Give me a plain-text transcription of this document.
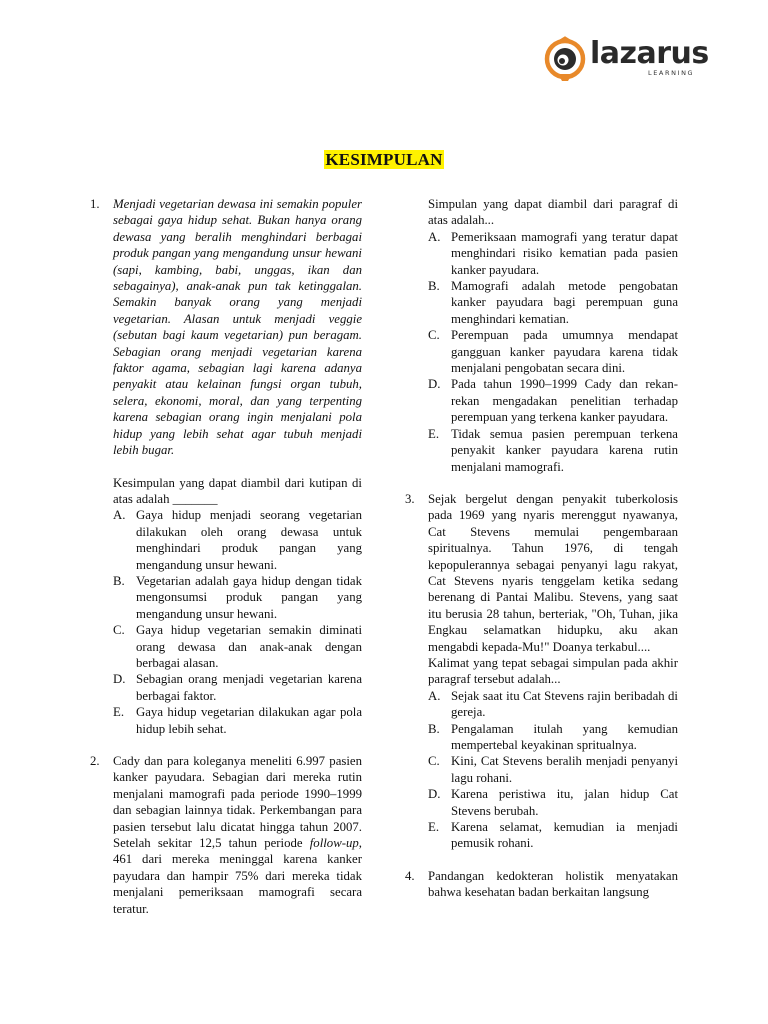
lazarus
LEARNING
KESIMPULAN
1.	Menjadi vegetarian dewasa ini semakin populer sebagai gaya hidup sehat. Bukan hanya orang dewasa yang beralih menghindari berbagai produk pangan yang mengandung unsur hewani (sapi, kambing, babi, unggas, ikan dan sebagainya), anak-anak pun tak ketinggalan. Semakin banyak orang yang menjadi vegetarian. Alasan untuk menjadi veggie (sebutan bagi kaum vegetarian) pun beragam. Sebagian orang menjadi vegetarian karena faktor agama, sebagian lagi karena adanya penyakit atau kelainan fungsi organ tubuh, selera, ekonomi, moral, dan yang terpenting karena sebagian orang ingin menjalani pola hidup yang lebih sehat agar tubuh menjadi lebih bugar.

Kesimpulan yang dapat diambil dari kutipan di atas adalah _______

A. Gaya hidup menjadi seorang vegetarian dilakukan oleh orang dewasa untuk menghindari produk pangan yang mengandung unsur hewani.
B. Vegetarian adalah gaya hidup dengan tidak mengonsumsi produk pangan yang mengandung unsur hewani.
C. Gaya hidup vegetarian semakin diminati orang dewasa dan anak-anak dengan berbagai alasan.
D. Sebagian orang menjadi vegetarian karena berbagai faktor.
E. Gaya hidup vegetarian dilakukan agar pola hidup lebih sehat.
2.	Cady dan para koleganya meneliti 6.997 pasien kanker payudara. Sebagian dari mereka rutin menjalani mamografi pada periode 1990–1999 dan sebagian lainnya tidak. Perkembangan para pasien tersebut lalu dicatat hingga tahun 2007. Setelah sekitar 12,5 tahun periode follow-up, 461 dari mereka meninggal karena kanker payudara dan hampir 75% dari mereka tidak menjalani pemeriksaan mamografi secara teratur.

Simpulan yang dapat diambil dari paragraf di atas adalah...

A. Pemeriksaan mamografi yang teratur dapat menghindari risiko kematian pada pasien kanker payudara.
B. Mamografi adalah metode pengobatan kanker payudara bagi perempuan guna menghindari kematian.
C. Perempuan pada umumnya mendapat gangguan kanker payudara karena tidak menjalani pengobatan secara dini.
D. Pada tahun 1990–1999 Cady dan rekan-rekan mengadakan penelitian terhadap perempuan yang terkena kanker payudara.
E. Tidak semua pasien perempuan terkena penyakit kanker payudara karena rutin menjalani mamografi.
3.	Sejak bergelut dengan penyakit tuberkolosis pada 1969 yang nyaris merenggut nyawanya, Cat Stevens memulai pengembaraan spiritualnya. Tahun 1976, di tengah kepopulerannya sebagai penyanyi lagu rakyat, Cat Stevens nyaris tenggelam ketika sedang berenang di Pantai Malibu. Stevens, yang saat itu berusia 28 tahun, berteriak, "Oh, Tuhan, jika Engkau selamatkan hidupku, aku akan mengabdi kepada-Mu!" Doanya terkabul....

Kalimat yang tepat sebagai simpulan pada akhir paragraf tersebut adalah...

A. Sejak saat itu Cat Stevens rajin beribadah di gereja.
B. Pengalaman itulah yang kemudian mempertebal keyakinan spritualnya.
C. Kini, Cat Stevens beralih menjadi penyanyi lagu rohani.
D. Karena peristiwa itu, jalan hidup Cat Stevens berubah.
E. Karena selamat, kemudian ia menjadi pemusik rohani.
4.	Pandangan kedokteran holistik menyatakan bahwa kesehatan badan berkaitan langsung
